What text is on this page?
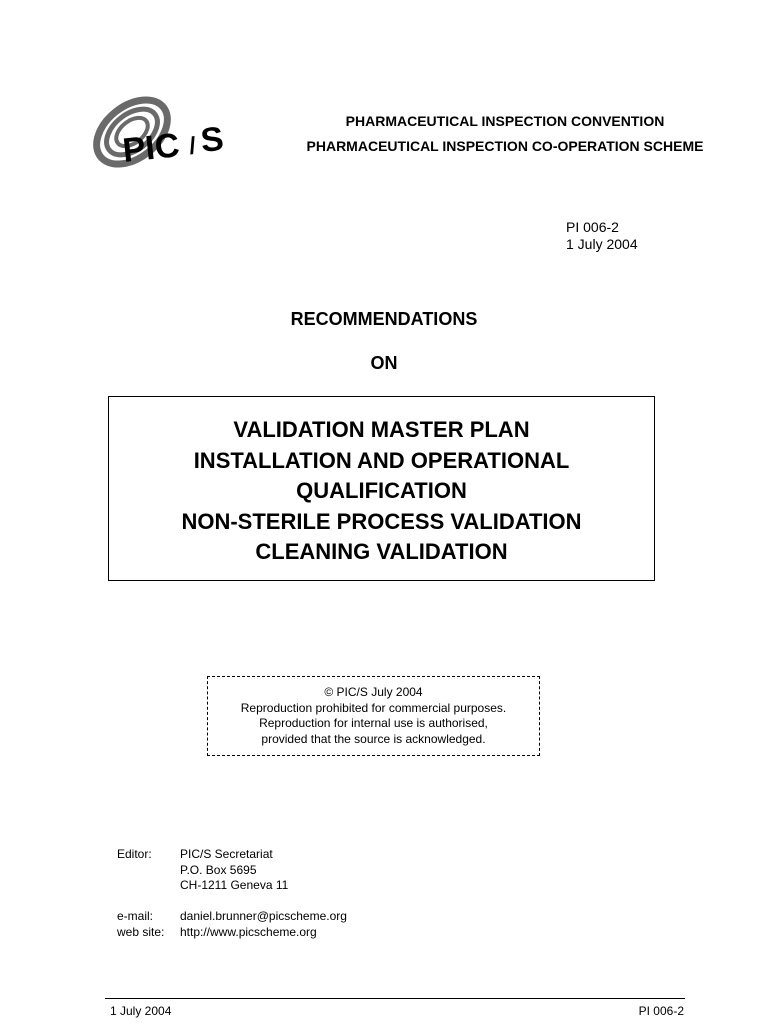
PIC / S	PHARMACEUTICAL INSPECTION CONVENTION
PHARMACEUTICAL INSPECTION CO-OPERATION SCHEME
PI 006-2
1 July 2004
RECOMMENDATIONS
ON
VALIDATION MASTER PLAN
INSTALLATION AND OPERATIONAL
QUALIFICATION
NON-STERILE PROCESS VALIDATION
CLEANING VALIDATION
© PIC/S July 2004
Reproduction prohibited for commercial purposes.
Reproduction for internal use is authorised,
provided that the source is acknowledged.
Editor: PIC/S Secretariat
P.O. Box 5695
CH-1211 Geneva 11
e-mail: daniel.brunner@picscheme.org
web site: http://www.picscheme.org
1 July 2004	PI 006-2
